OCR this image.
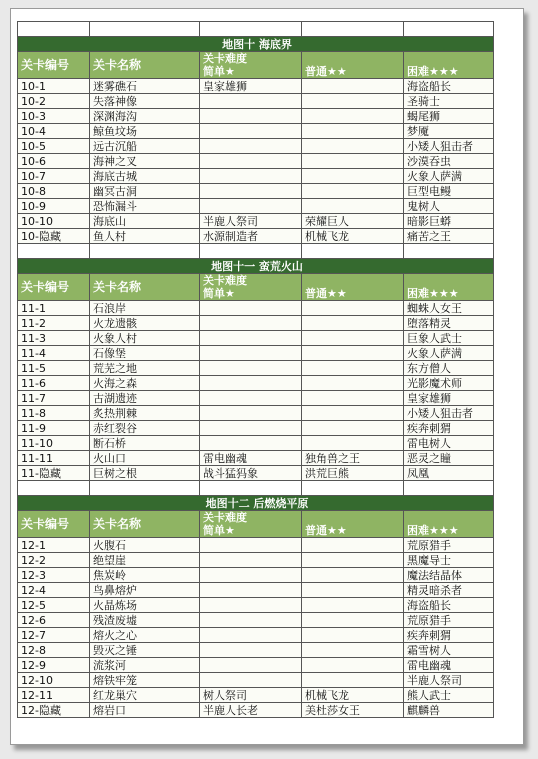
地图十 海底界				
关卡编号	关卡名称	关卡难度		
		简单★	普通★★	困难★★★
10-1	迷雾礁石	皇家雄狮		海盗船长
10-2	失落神像			圣骑士
10-3	深渊海沟			蝎尾狮
10-4	鲸鱼坟场			梦魇
10-5	远古沉船			小矮人狙击者
10-6	海神之叉			沙漠吞虫
10-7	海底古城			火象人萨满
10-8	幽冥古洞			巨型电鳗
10-9	恐怖漏斗			鬼树人
10-10	海底山	半鹿人祭司	荣耀巨人	暗影巨蟒
10-隐藏	鱼人村	水源制造者	机械飞龙	痛苦之王

地图十一 蛮荒火山				
关卡编号	关卡名称	关卡难度		
		简单★	普通★★	困难★★★
11-1	石浪岸			蜘蛛人女王
11-2	火龙遗骸			堕落精灵
11-3	火象人村			巨象人武士
11-4	石像堡			火象人萨满
11-5	荒芜之地			东方僧人
11-6	火海之森			光影魔术师
11-7	古湖遗迹			皇家雄狮
11-8	炙热荆棘			小矮人狙击者
11-9	赤红裂谷			疾奔刺猬
11-10	断石桥			雷电树人
11-11	火山口	雷电幽魂	独角兽之王	恶灵之瞳
11-隐藏	巨树之根	战斗猛犸象	洪荒巨熊	凤凰

地图十二 后燃烧平原				
关卡编号	关卡名称	关卡难度		
		简单★	普通★★	困难★★★
12-1	火腹石			荒原猎手
12-2	绝望崖			黑魔导士
12-3	焦炭岭			魔法结晶体
12-4	鸟鼻熔炉			精灵暗杀者
12-5	火晶炼场			海盗船长
12-6	残渣废墟			荒原猎手
12-7	熔火之心			疾奔刺猬
12-8	毁灭之锤			霜雪树人
12-9	流浆河			雷电幽魂
12-10	熔铁牢笼			半鹿人祭司
12-11	红龙巢穴	树人祭司	机械飞龙	熊人武士
12-隐藏	熔岩口	半鹿人长老	美杜莎女王	麒麟兽
